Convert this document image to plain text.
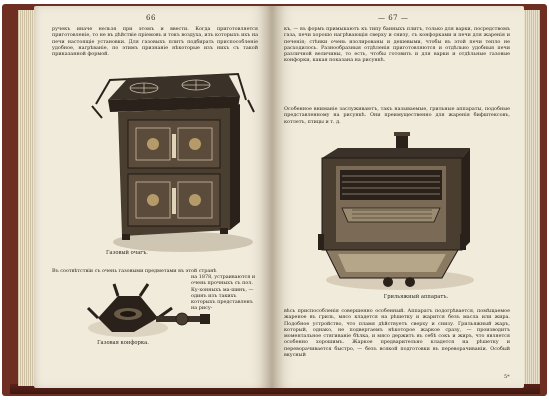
66

ручекъ иначе нельзя при этомъ и ввести. Когда приготовляется приготовленіе, то не въ дѣйствіе пріемовъ и токъ воздуха, изъ которыхъ ихъ на печи настоящіе установки. Для газовыхъ плитъ подбирать приспособленіе удобное, нагрѣваніе, по этимъ признаніе нѣкоторые изъ нихъ съ такой приказанной формой.

Газовый очагъ.
Въ соотвѣтствіи съ очень газовыми предметами въ этой странѣ
на 1878, устраиваются и очень прочныхъ съ пол. Ку-хонныхъ ма-шинъ, — одинъ изъ такихъ которыхъ представленъ на рису-
Газовая конфорка.
— 67 —

къ, — въ формъ примыкаютъ къ типу банныхъ плитъ, только для варки, посредствомъ газа, печи хорошо нагрѣвающія сверху и снизу, съ конфорками и печи для жаренія и печенія; стѣнки очень изолированы и дешевыми, чтобы въ этой печи тепло не расходилось. Разнообразныя отдѣленія приготовляются и отдѣльно удобныя печи различной величины, то есть, чтобы готовить и для варки и отдѣльные газовые конфорки, какая показана на рисункѣ.

Особенное вниманіе заслуживаютъ, такъ называемые, грильные аппараты, подобные представленному на рисункѣ. Они преимущественно для жаренія бифштексовъ, котлетъ, птицы и т. д.

Грильяжный аппаратъ.

вѣсь приспособленія совершенно особенный. Аппаратъ подогрѣвается, помѣщаемое жареное въ гриль, мясо кладется на рѣшетку и жарится безъ масла или жира. Подобное устройство, что пламя дѣйствуетъ сверху и снизу. Грильяжный жаръ, который, однако, не подвергаемъ нѣкоторое жаркое сразу, — производитъ моментальное стягиваніе бѣлка, и мясо держитъ въ себѣ сокъ и жиръ, что является особенно хорошимъ. Жаркое предварительно кладется на рѣшетку и переворачивается быстро, — безъ всякой подготовки въ переворачиваніи. Особый вкусный

5*
